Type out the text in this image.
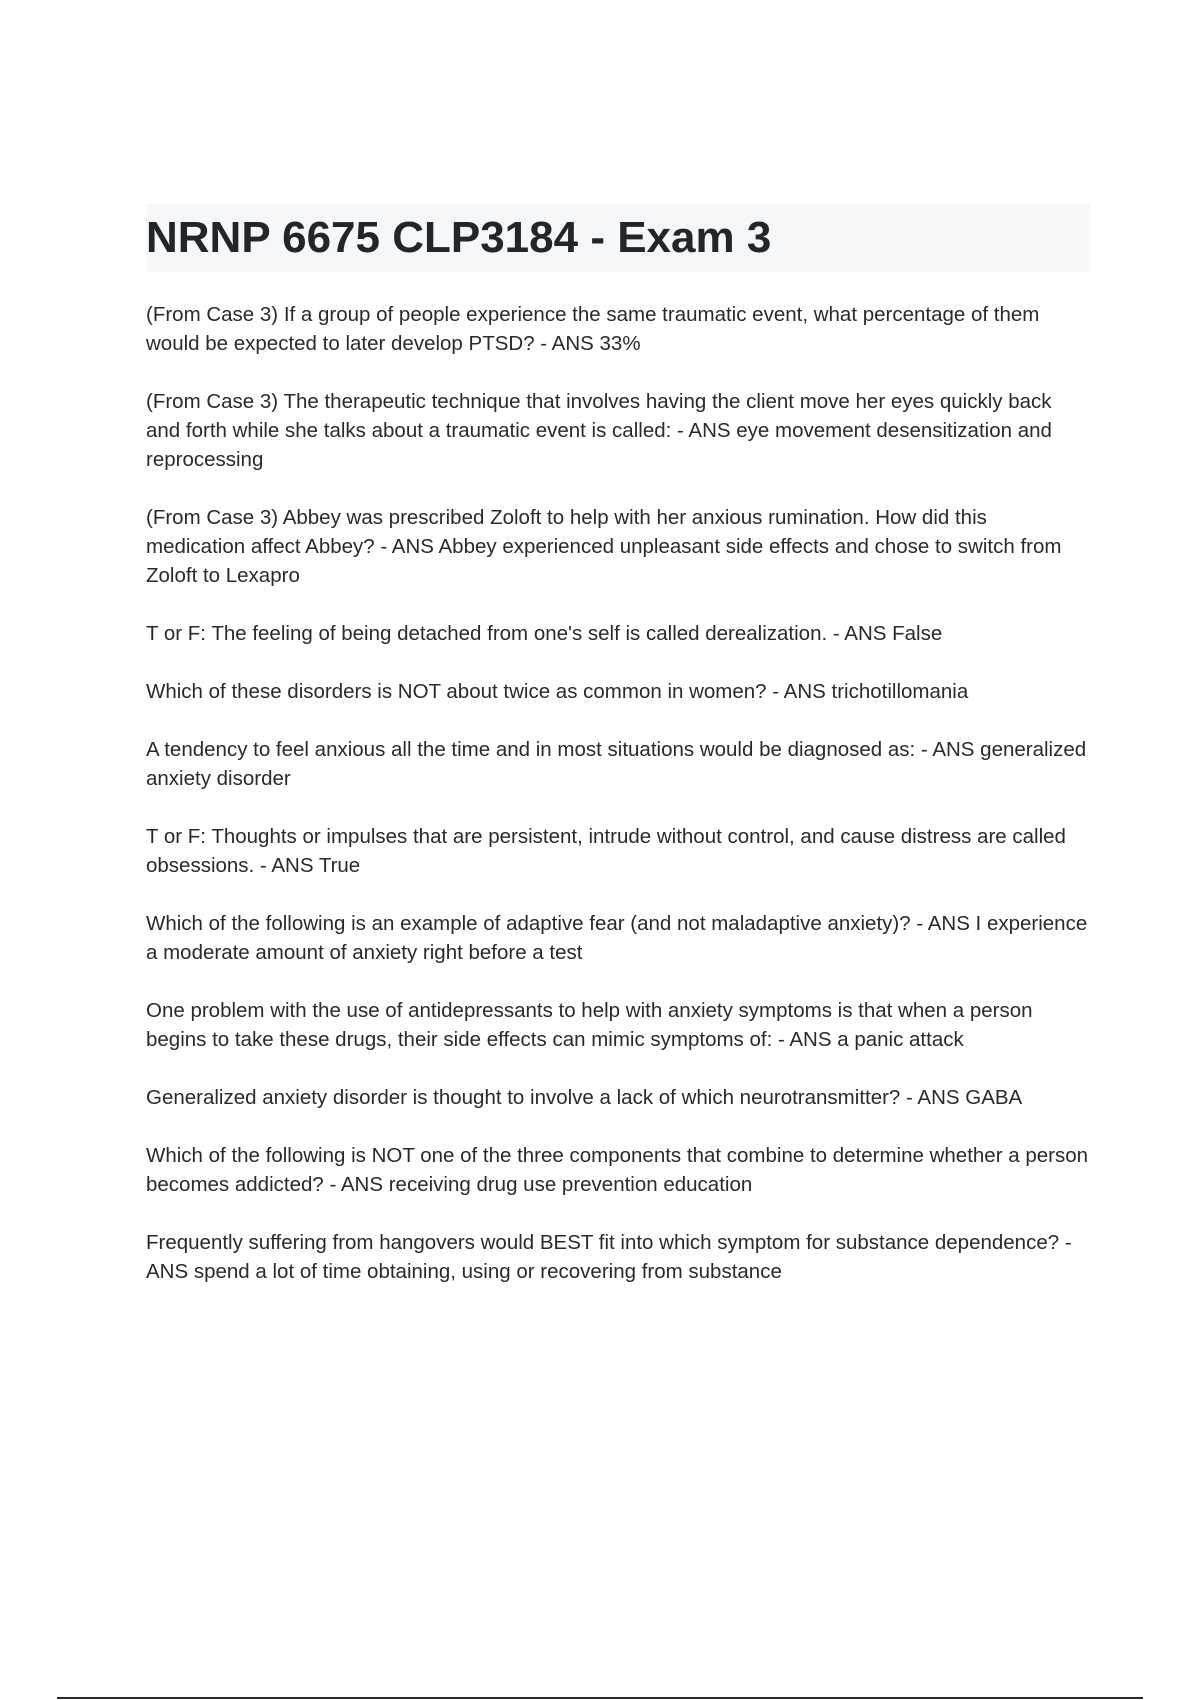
NRNP 6675 CLP3184 - Exam 3
(From Case 3) If a group of people experience the same traumatic event, what percentage of them would be expected to later develop PTSD? - ANS 33%
(From Case 3) The therapeutic technique that involves having the client move her eyes quickly back and forth while she talks about a traumatic event is called: - ANS eye movement desensitization and reprocessing
(From Case 3) Abbey was prescribed Zoloft to help with her anxious rumination. How did this medication affect Abbey? - ANS Abbey experienced unpleasant side effects and chose to switch from Zoloft to Lexapro
T or F: The feeling of being detached from one's self is called derealization. - ANS False
Which of these disorders is NOT about twice as common in women? - ANS trichotillomania
A tendency to feel anxious all the time and in most situations would be diagnosed as: - ANS generalized anxiety disorder
T or F: Thoughts or impulses that are persistent, intrude without control, and cause distress are called obsessions. - ANS True
Which of the following is an example of adaptive fear (and not maladaptive anxiety)? - ANS I experience a moderate amount of anxiety right before a test
One problem with the use of antidepressants to help with anxiety symptoms is that when a person begins to take these drugs, their side effects can mimic symptoms of: - ANS a panic attack
Generalized anxiety disorder is thought to involve a lack of which neurotransmitter? - ANS GABA
Which of the following is NOT one of the three components that combine to determine whether a person becomes addicted? - ANS receiving drug use prevention education
Frequently suffering from hangovers would BEST fit into which symptom for substance dependence? - ANS spend a lot of time obtaining, using or recovering from substance
